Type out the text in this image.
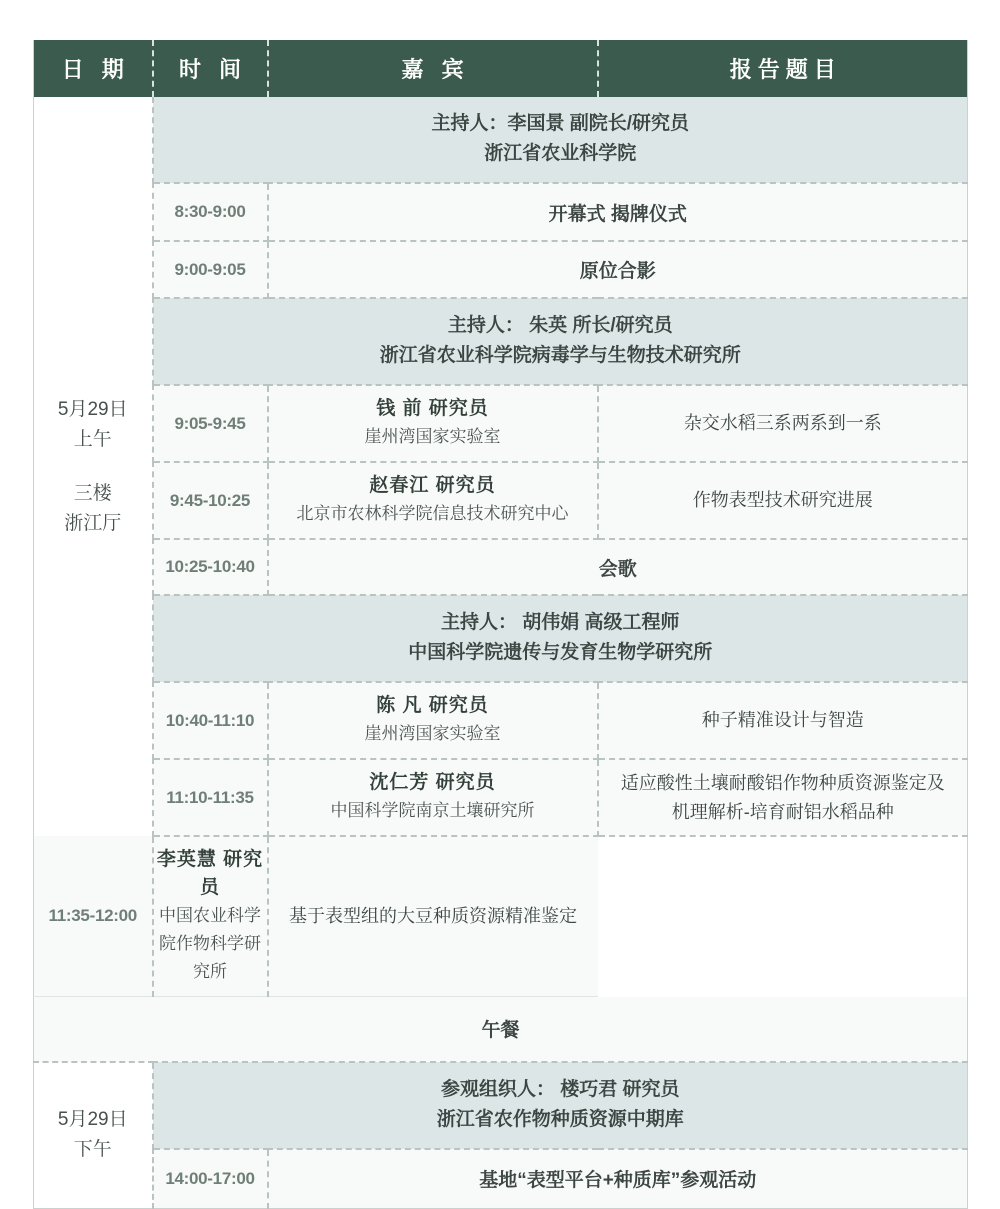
日 期	时 间	嘉 宾	报告题目

5月29日
上午
三楼
浙江厅	主持人：李国景 副院长/研究员
浙江省农业科学院		

	8:30-9:00	开幕式 揭牌仪式	

	9:00-9:05	原位合影	

	主持人： 朱英 所长/研究员
浙江省农业科学院病毒学与生物技术研究所		

	9:05-9:45	钱 前 研究员
崖州湾国家实验室	杂交水稻三系两系到一系

	9:45-10:25	赵春江 研究员
北京市农林科学院信息技术研究中心	作物表型技术研究进展

	10:25-10:40	会歌	

	主持人： 胡伟娟 高级工程师
中国科学院遗传与发育生物学研究所		

	10:40-11:10	陈 凡 研究员
崖州湾国家实验室	种子精准设计与智造

	11:10-11:35	沈仁芳 研究员
中国科学院南京土壤研究所	适应酸性土壤耐酸铝作物种质资源鉴定及
机理解析-培育耐铝水稻品种

11:35-12:00	李英慧 研究员
中国农业科学院作物科学研究所	基于表型组的大豆种质资源精准鉴定	

午餐			

5月29日
下午	参观组织人： 楼巧君 研究员
浙江省农作物种质资源中期库		

	14:00-17:00	基地“表型平台+种质库”参观活动	
